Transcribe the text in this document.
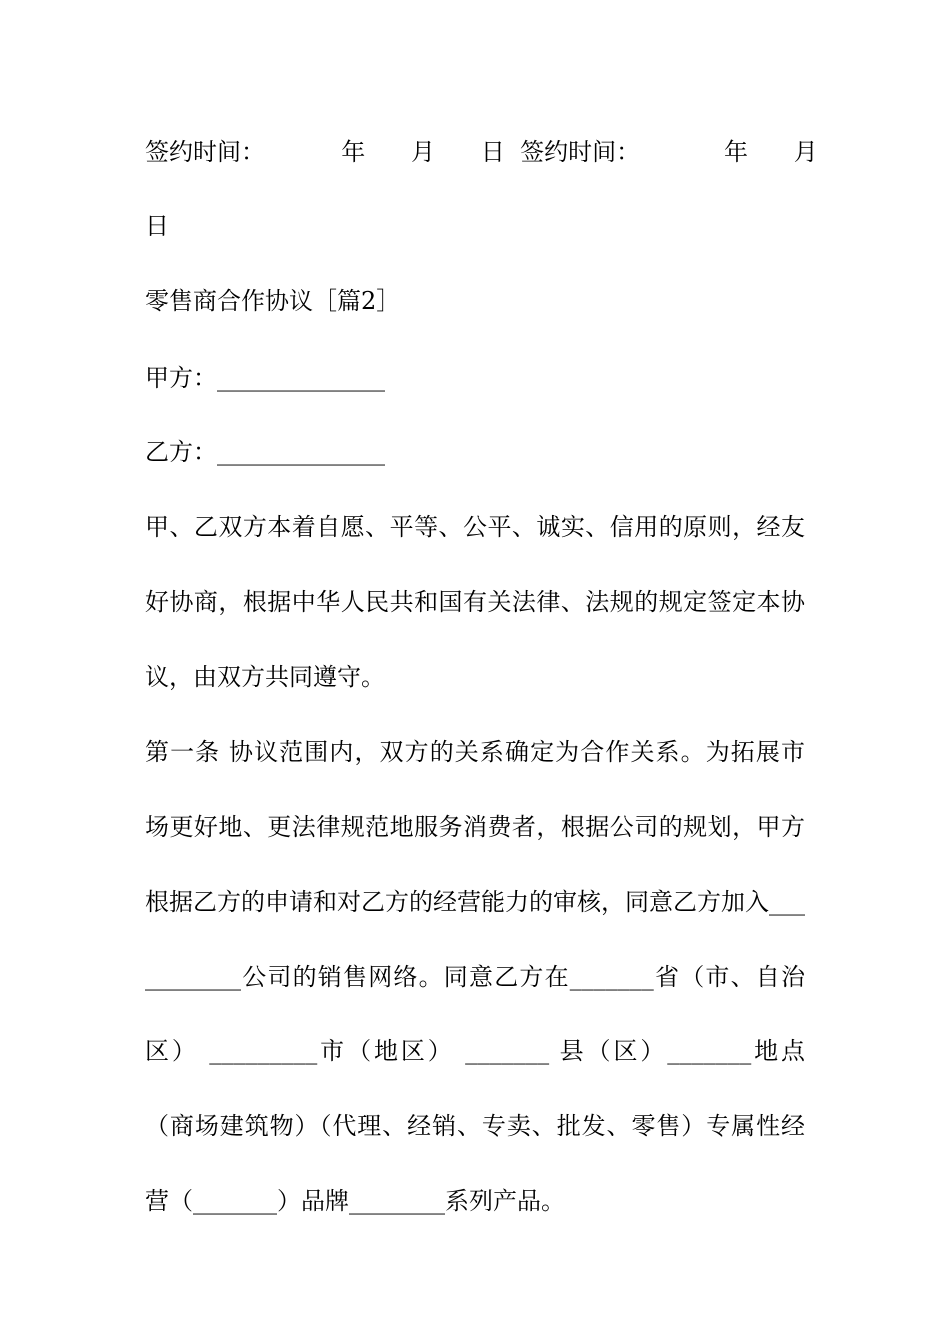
签约时间：          年      月      日  签约时间：           年      月
日
零售商合作协议［篇2］
甲方：______________
乙方：______________
甲、乙双方本着自愿、平等、公平、诚实、信用的原则，经友
好协商，根据中华人民共和国有关法律、法规的规定签定本协
议，由双方共同遵守。
第一条 协议范围内，双方的关系确定为合作关系。为拓展市
场更好地、更法律规范地服务消费者，根据公司的规划，甲方
根据乙方的申请和对乙方的经营能力的审核，同意乙方加入___
________公司的销售网络。同意乙方在_______省（市、自治
区） _________市（地区） _______ 县（区）_______地点
（商场建筑物）（代理、经销、专卖、批发、零售）专属性经
营（_______）品牌________系列产品。
